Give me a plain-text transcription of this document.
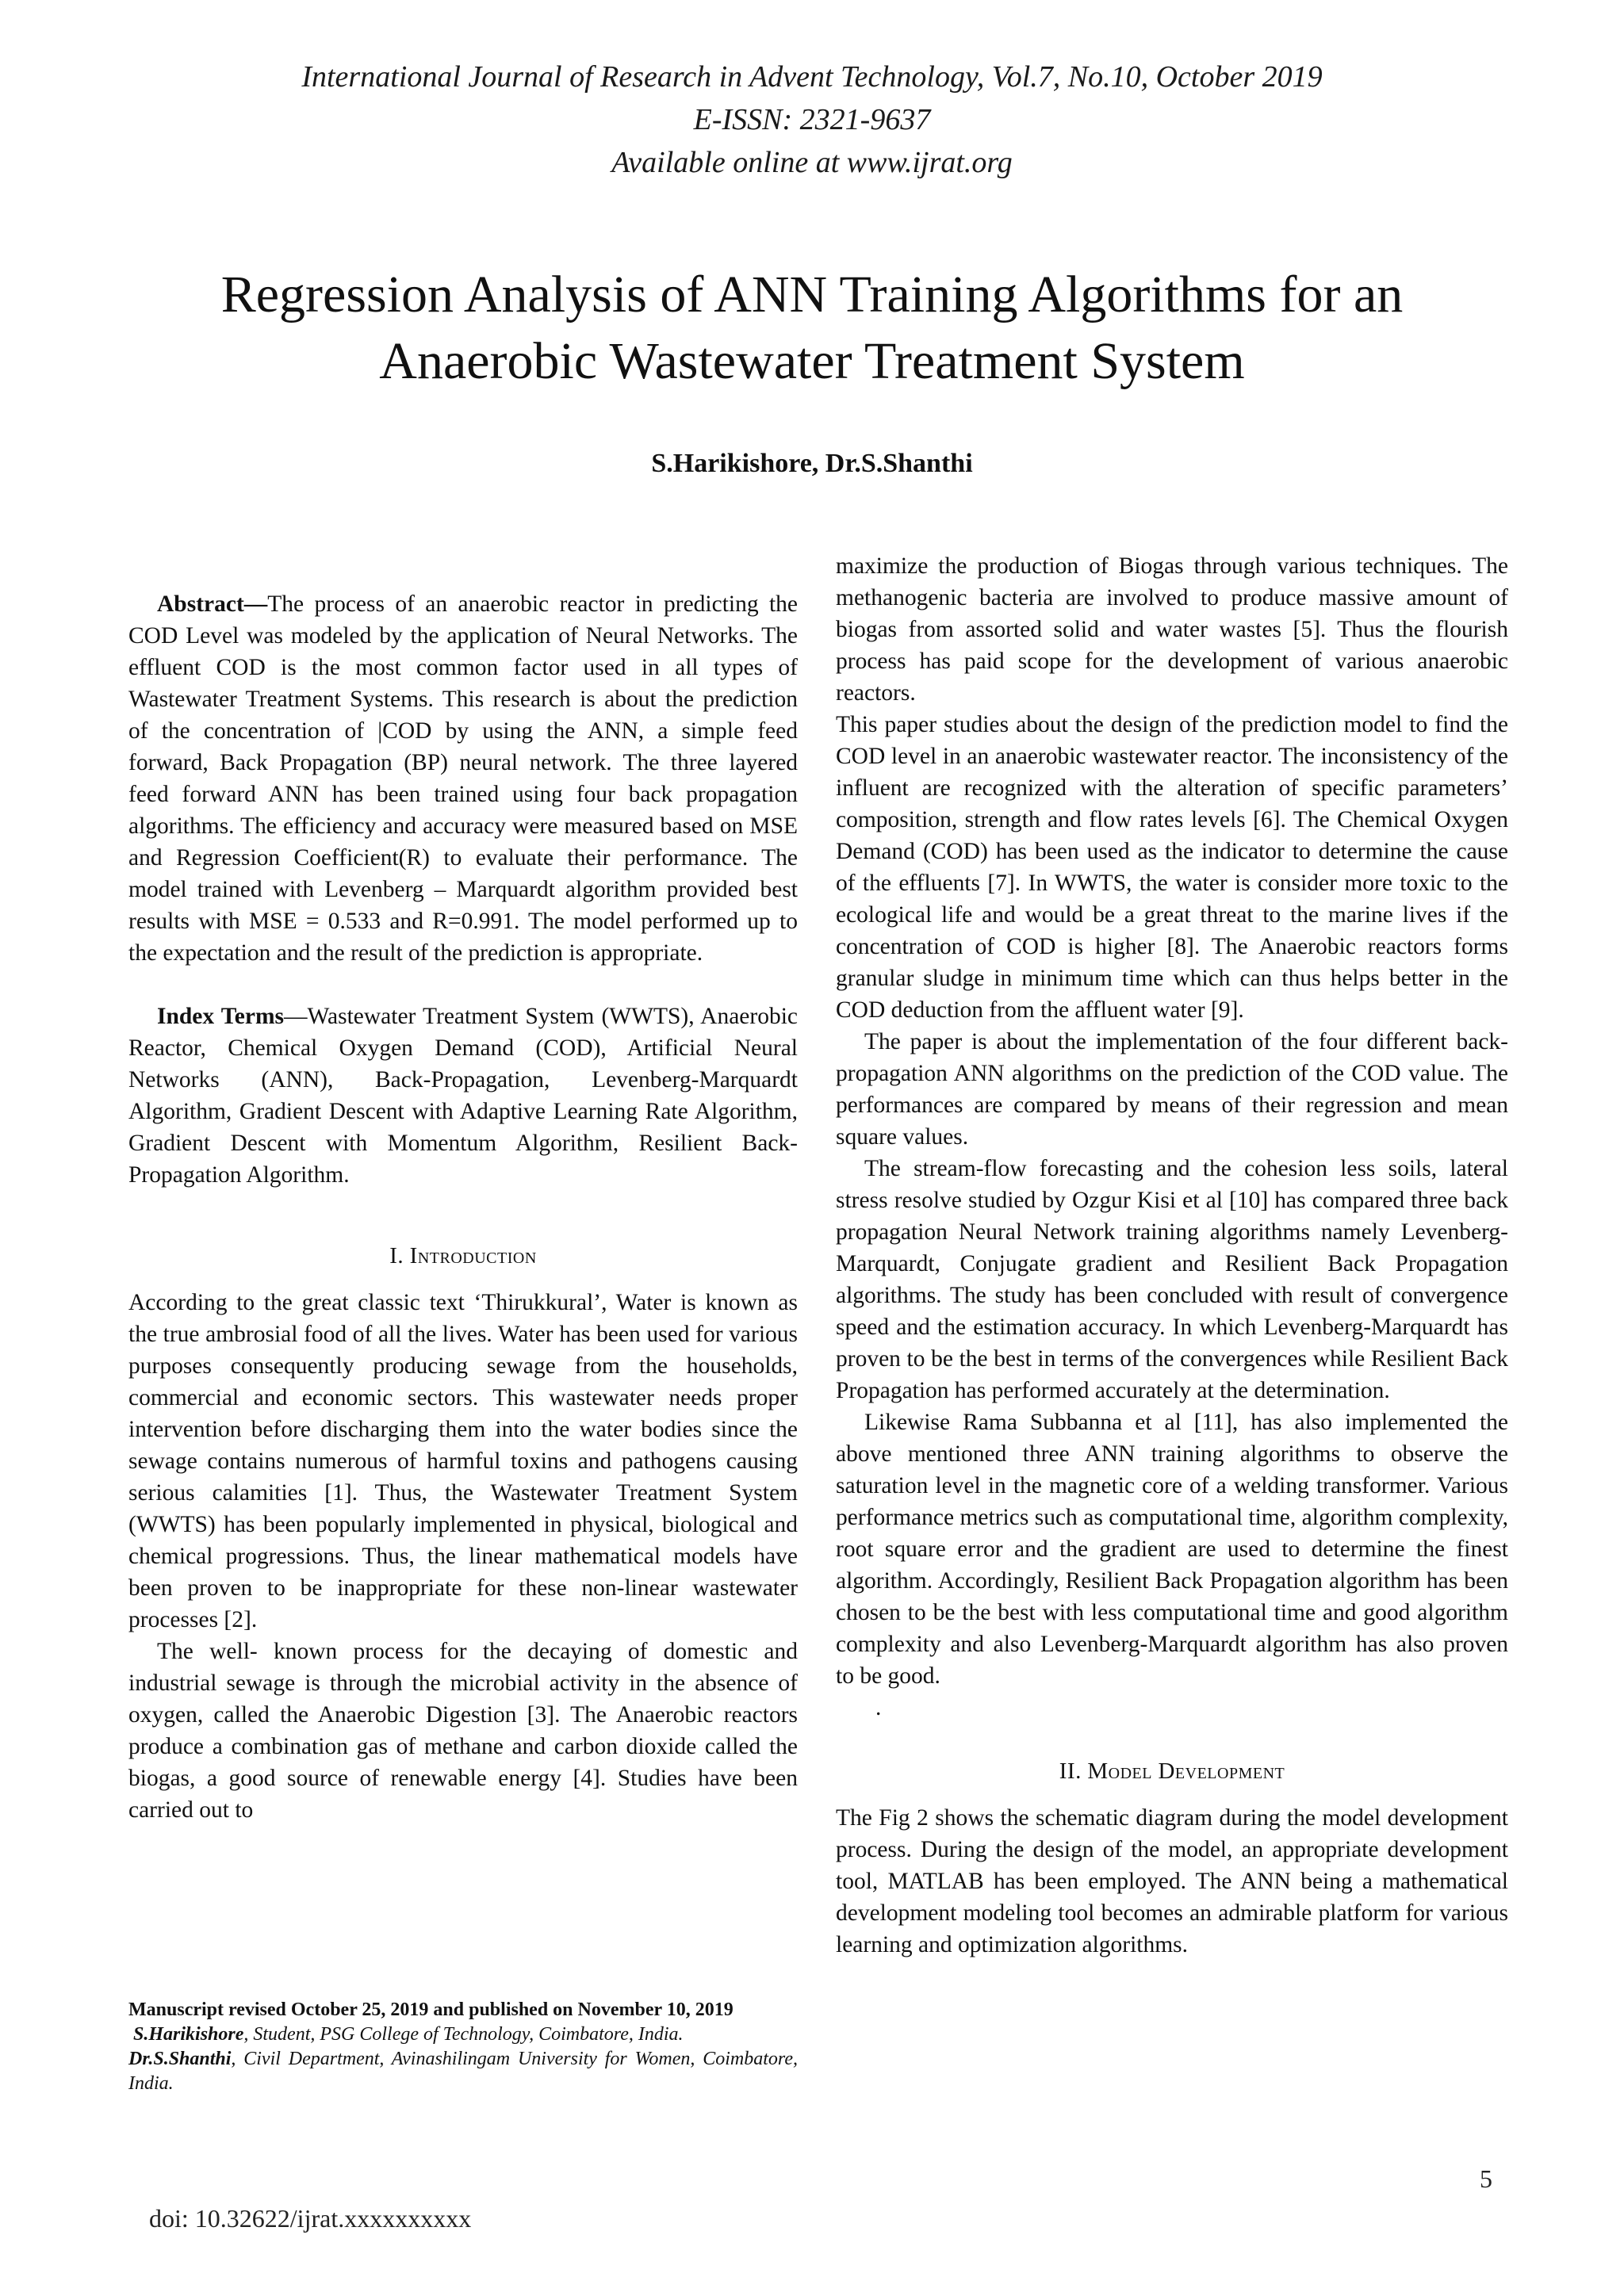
International Journal of Research in Advent Technology, Vol.7, No.10, October 2019
E-ISSN: 2321-9637
Available online at www.ijrat.org
Regression Analysis of ANN Training Algorithms for an
Anaerobic Wastewater Treatment System
S.Harikishore, Dr.S.Shanthi

Abstract—The process of an anaerobic reactor in predicting the COD Level was modeled by the application of Neural Networks. The effluent COD is the most common factor used in all types of Wastewater Treatment Systems. This research is about the prediction of the concentration of |COD by using the ANN, a simple feed forward, Back Propagation (BP) neural network. The three layered feed forward ANN has been trained using four back propagation algorithms. The efficiency and accuracy were measured based on MSE and Regression Coefficient(R) to evaluate their performance. The model trained with Levenberg – Marquardt algorithm provided best results with MSE = 0.533 and R=0.991. The model performed up to the expectation and the result of the prediction is appropriate.

Index Terms—Wastewater Treatment System (WWTS), Anaerobic Reactor, Chemical Oxygen Demand (COD), Artificial Neural Networks (ANN), Back-Propagation, Levenberg-Marquardt Algorithm, Gradient Descent with Adaptive Learning Rate Algorithm, Gradient Descent with Momentum Algorithm, Resilient Back-Propagation Algorithm.

I. Introduction

According to the great classic text ‘Thirukkural’, Water is known as the true ambrosial food of all the lives. Water has been used for various purposes consequently producing sewage from the households, commercial and economic sectors. This wastewater needs proper intervention before discharging them into the water bodies since the sewage contains numerous of harmful toxins and pathogens causing serious calamities [1]. Thus, the Wastewater Treatment System (WWTS) has been popularly implemented in physical, biological and chemical progressions. Thus, the linear mathematical models have been proven to be inappropriate for these non-linear wastewater processes [2].

The well- known process for the decaying of domestic and industrial sewage is through the microbial activity in the absence of oxygen, called the Anaerobic Digestion [3]. The Anaerobic reactors produce a combination gas of methane and carbon dioxide called the biogas, a good source of renewable energy [4]. Studies have been carried out to

maximize the production of Biogas through various techniques. The methanogenic bacteria are involved to produce massive amount of biogas from assorted solid and water wastes [5]. Thus the flourish process has paid scope for the development of various anaerobic reactors.

This paper studies about the design of the prediction model to find the COD level in an anaerobic wastewater reactor. The inconsistency of the influent are recognized with the alteration of specific parameters’ composition, strength and flow rates levels [6]. The Chemical Oxygen Demand (COD) has been used as the indicator to determine the cause of the effluents [7]. In WWTS, the water is consider more toxic to the ecological life and would be a great threat to the marine lives if the concentration of COD is higher [8]. The Anaerobic reactors forms granular sludge in minimum time which can thus helps better in the COD deduction from the affluent water [9].

The paper is about the implementation of the four different back-propagation ANN algorithms on the prediction of the COD value. The performances are compared by means of their regression and mean square values.

The stream-flow forecasting and the cohesion less soils, lateral stress resolve studied by Ozgur Kisi et al [10] has compared three back propagation Neural Network training algorithms namely Levenberg-Marquardt, Conjugate gradient and Resilient Back Propagation algorithms. The study has been concluded with result of convergence speed and the estimation accuracy. In which Levenberg-Marquardt has proven to be the best in terms of the convergences while Resilient Back Propagation has performed accurately at the determination.

Likewise Rama Subbanna et al [11], has also implemented the above mentioned three ANN training algorithms to observe the saturation level in the magnetic core of a welding transformer. Various performance metrics such as computational time, algorithm complexity, root square error and the gradient are used to determine the finest algorithm. Accordingly, Resilient Back Propagation algorithm has been chosen to be the best with less computational time and good algorithm complexity and also Levenberg-Marquardt algorithm has also proven to be good.

.

II. Model Development

The Fig 2 shows the schematic diagram during the model development process. During the design of the model, an appropriate development tool, MATLAB has been employed. The ANN being a mathematical development modeling tool becomes an admirable platform for various learning and optimization algorithms.

Manuscript revised October 25, 2019 and published on November 10, 2019

S.Harikishore, Student, PSG College of Technology, Coimbatore, India.

Dr.S.Shanthi, Civil Department, Avinashilingam University for Women, Coimbatore, India.

doi: 10.32622/ijrat.xxxxxxxxxx
5
